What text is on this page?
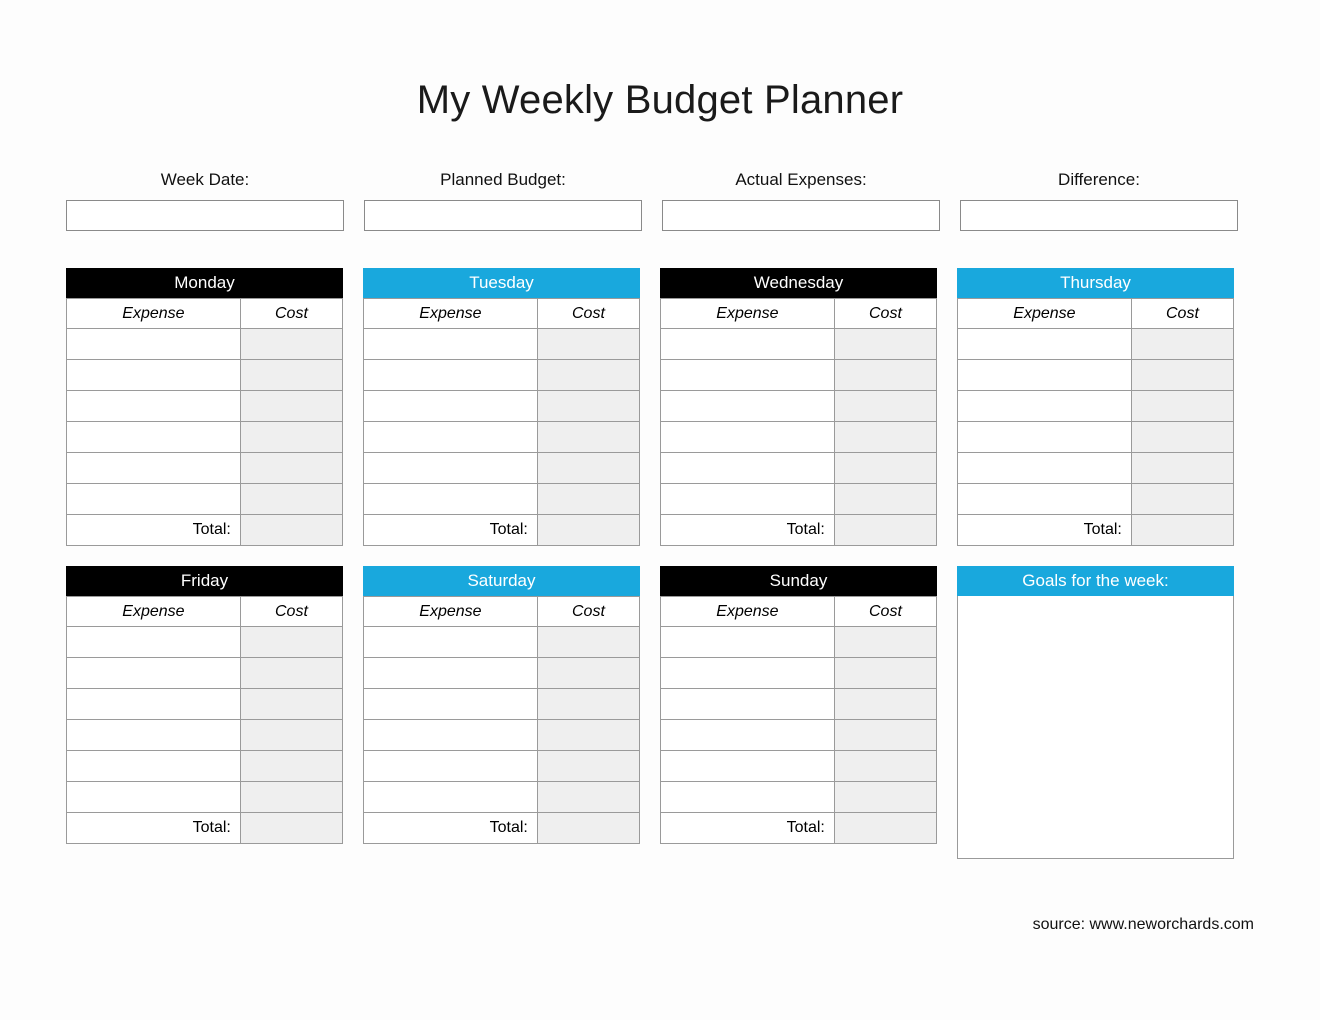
My Weekly Budget Planner
Week Date:	Planned Budget:	Actual Expenses:	Difference:
Monday
Expense	Cost

Total:	
Tuesday
Expense	Cost

Total:	
Wednesday
Expense	Cost

Total:	
Thursday
Expense	Cost

Total:	
Friday
Expense	Cost

Total:	
Saturday
Expense	Cost

Total:	
Sunday
Expense	Cost

Total:	
Goals for the week:
source: www.neworchards.com
